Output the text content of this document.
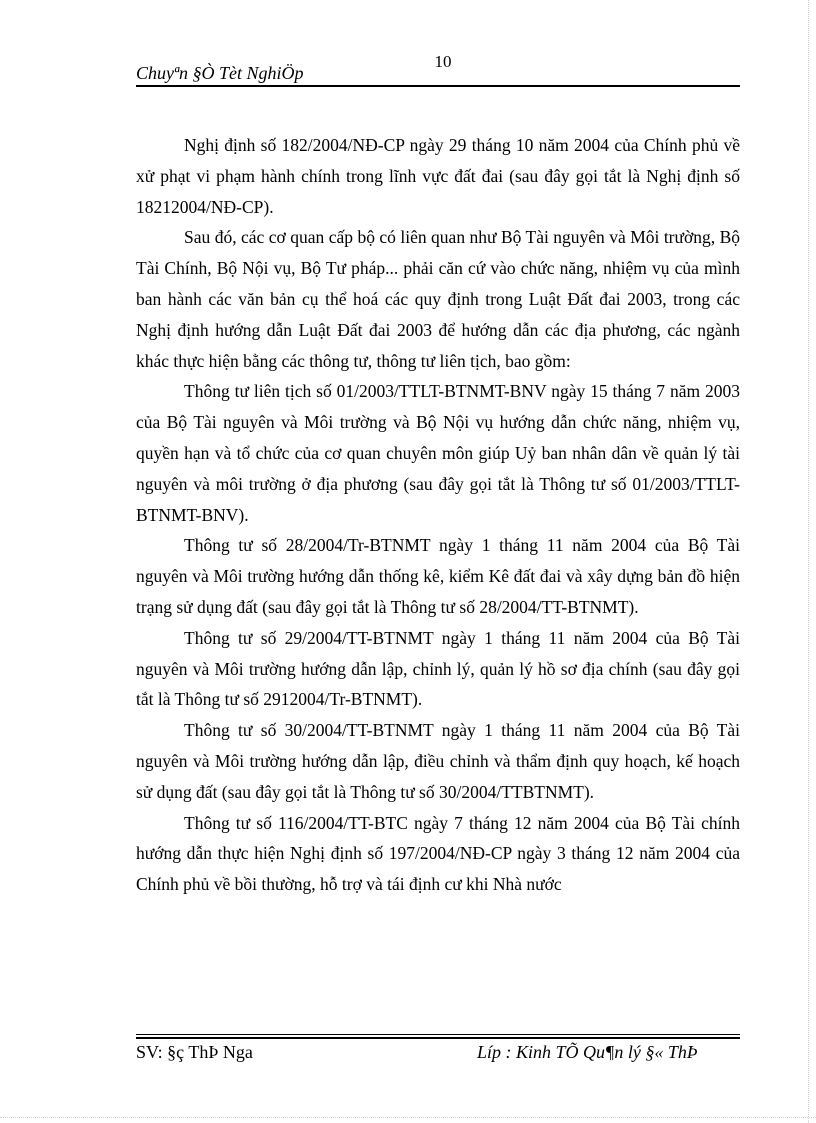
10
Chuyªn §Ò Tèt NghiÖp

Nghị định số 182/2004/NĐ-CP ngày 29 tháng 10 năm 2004 của Chính phủ về xử phạt vi phạm hành chính trong lĩnh vực đất đai (sau đây gọi tắt là Nghị định số 18212004/NĐ-CP).

Sau đó, các cơ quan cấp bộ có liên quan như Bộ Tài nguyên và Môi trường, Bộ Tài Chính, Bộ Nội vụ, Bộ Tư pháp... phải căn cứ vào chức năng, nhiệm vụ của mình ban hành các văn bản cụ thể hoá các quy định trong Luật Đất đai 2003, trong các Nghị định hướng dẫn Luật Đất đai 2003 để hướng dẫn các địa phương, các ngành khác thực hiện bằng các thông tư, thông tư liên tịch, bao gồm:

Thông tư liên tịch số 01/2003/TTLT-BTNMT-BNV ngày 15 tháng 7 năm 2003 của Bộ Tài nguyên và Môi trường và Bộ Nội vụ hướng dẫn chức năng, nhiệm vụ, quyền hạn và tổ chức của cơ quan chuyên môn giúp Uỷ ban nhân dân về quản lý tài nguyên và môi trường ở địa phương (sau đây gọi tắt là Thông tư số 01/2003/TTLT-BTNMT-BNV).

Thông tư số 28/2004/Tr-BTNMT ngày 1 tháng 11 năm 2004 của Bộ Tài nguyên và Môi trường hướng dẫn thống kê, kiểm Kê đất đai và xây dựng bản đồ hiện trạng sử dụng đất (sau đây gọi tắt là Thông tư số 28/2004/TT-BTNMT).

Thông tư số 29/2004/TT-BTNMT ngày 1 tháng 11 năm 2004 của Bộ Tài nguyên và Môi trường hướng dẫn lập, chỉnh lý, quản lý hồ sơ địa chính (sau đây gọi tắt là Thông tư số 2912004/Tr-BTNMT).

Thông tư số 30/2004/TT-BTNMT ngày 1 tháng 11 năm 2004 của Bộ Tài nguyên và Môi trường hướng dẫn lập, điều chỉnh và thẩm định quy hoạch, kế hoạch sử dụng đất (sau đây gọi tắt là Thông tư số 30/2004/TTBTNMT).

Thông tư số 116/2004/TT-BTC ngày 7 tháng 12 năm 2004 của Bộ Tài chính hướng dẫn thực hiện Nghị định số 197/2004/NĐ-CP ngày 3 tháng 12 năm 2004 của Chính phủ về bồi thường, hỗ trợ và tái định cư khi Nhà nước

SV: §ç ThÞ Nga	Líp : Kinh TÕ Qu¶n lý §« ThÞ
